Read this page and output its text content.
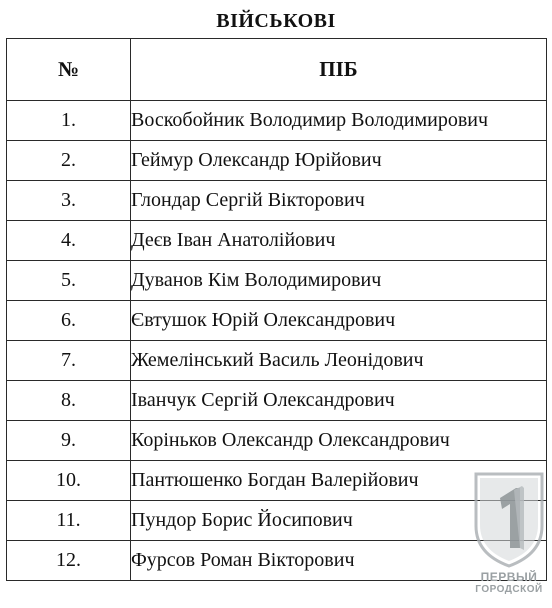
ВІЙСЬКОВІ
№	ПІБ
1.	Воскобойник Володимир Володимирович
2.	Геймур Олександр Юрійович
3.	Глондар Сергій Вікторович
4.	Деєв Іван Анатолійович
5.	Дуванов Кім Володимирович
6.	Євтушок Юрій Олександрович
7.	Жемелінський Василь Леонідович
8.	Іванчук Сергій Олександрович
9.	Корiньков Олександр Олександрович
10.	Пантюшенко Богдан Валерійович
11.	Пундор Борис Йосипович
12.	Фурсов Роман Вікторович
ПЕРВЫЙ
ГОРОДСКОЙ
